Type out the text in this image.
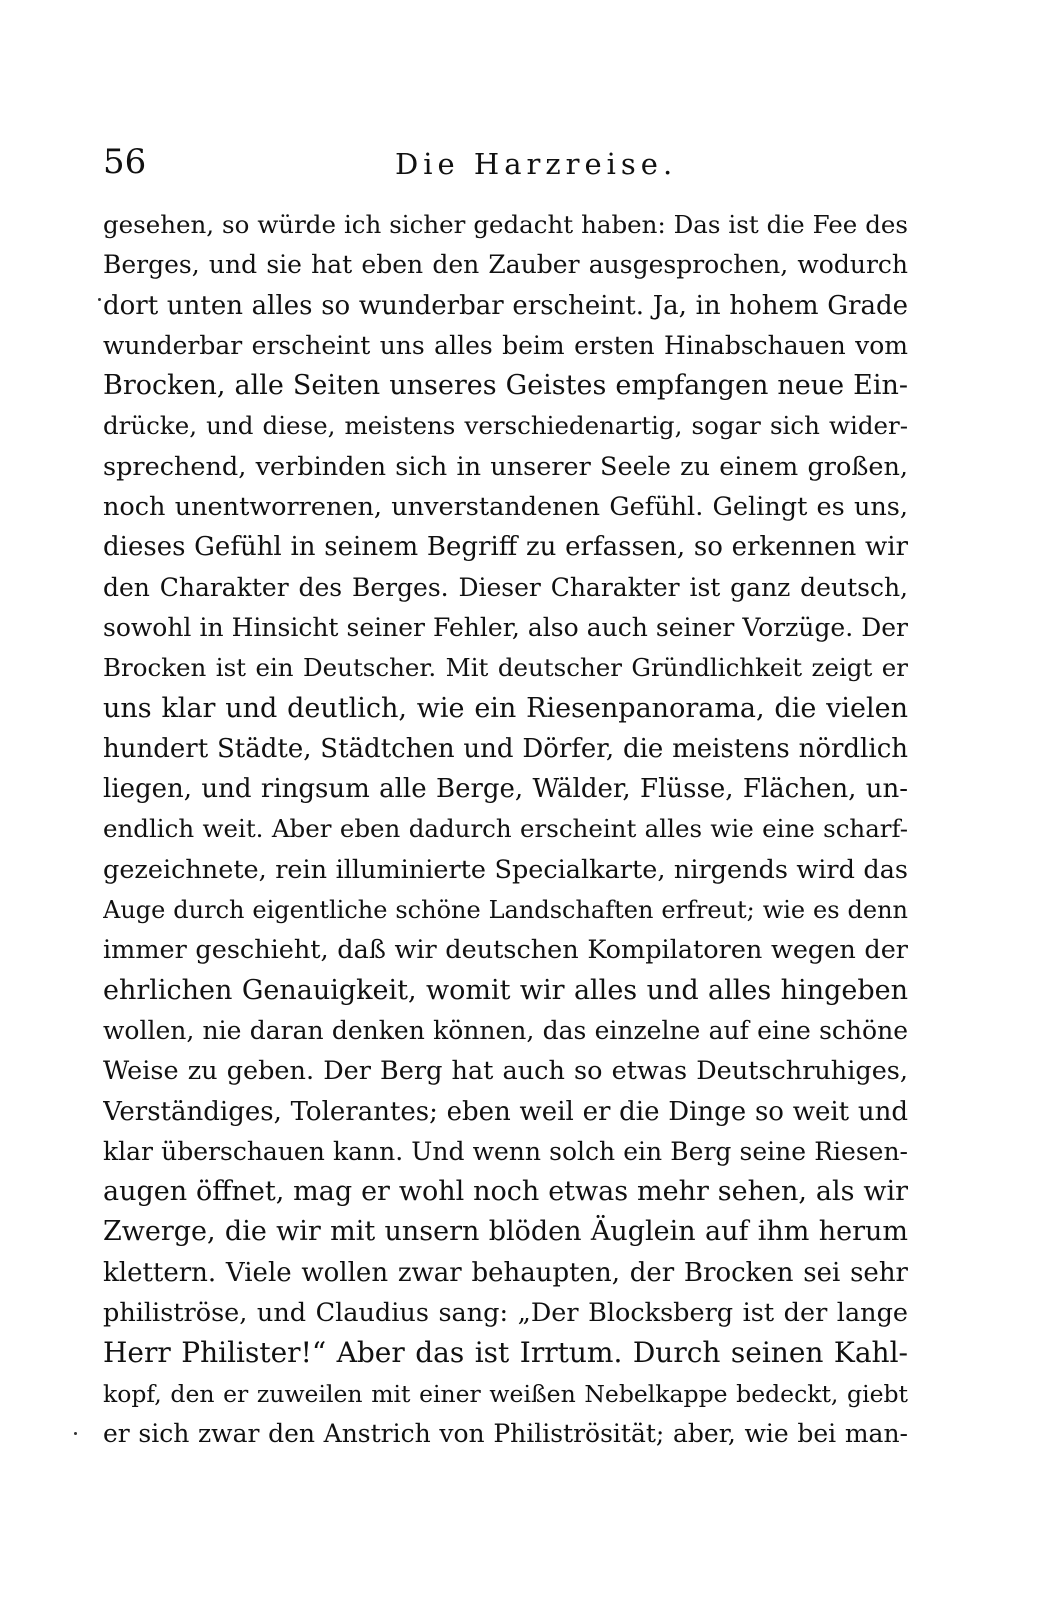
56	Die Harzreise.
gesehen, so würde ich sicher gedacht haben: Das ist die Fee des
Berges, und sie hat eben den Zauber ausgesprochen, wodurch
dort unten alles so wunderbar erscheint. Ja, in hohem Grade
wunderbar erscheint uns alles beim ersten Hinabschauen vom
Brocken, alle Seiten unseres Geistes empfangen neue Ein-
drücke, und diese, meistens verschiedenartig, sogar sich wider-
sprechend, verbinden sich in unserer Seele zu einem großen,
noch unentworrenen, unverstandenen Gefühl. Gelingt es uns,
dieses Gefühl in seinem Begriff zu erfassen, so erkennen wir
den Charakter des Berges. Dieser Charakter ist ganz deutsch,
sowohl in Hinsicht seiner Fehler, also auch seiner Vorzüge. Der
Brocken ist ein Deutscher. Mit deutscher Gründlichkeit zeigt er
uns klar und deutlich, wie ein Riesenpanorama, die vielen
hundert Städte, Städtchen und Dörfer, die meistens nördlich
liegen, und ringsum alle Berge, Wälder, Flüsse, Flächen, un-
endlich weit. Aber eben dadurch erscheint alles wie eine scharf-
gezeichnete, rein illuminierte Specialkarte, nirgends wird das
Auge durch eigentliche schöne Landschaften erfreut; wie es denn
immer geschieht, daß wir deutschen Kompilatoren wegen der
ehrlichen Genauigkeit, womit wir alles und alles hingeben
wollen, nie daran denken können, das einzelne auf eine schöne
Weise zu geben. Der Berg hat auch so etwas Deutschruhiges,
Verständiges, Tolerantes; eben weil er die Dinge so weit und
klar überschauen kann. Und wenn solch ein Berg seine Riesen-
augen öffnet, mag er wohl noch etwas mehr sehen, als wir
Zwerge, die wir mit unsern blöden Äuglein auf ihm herum
klettern. Viele wollen zwar behaupten, der Brocken sei sehr
philiströse, und Claudius sang: „Der Blocksberg ist der lange
Herr Philister!“ Aber das ist Irrtum. Durch seinen Kahl-
kopf, den er zuweilen mit einer weißen Nebelkappe bedeckt, giebt
er sich zwar den Anstrich von Philiströsität; aber, wie bei man-
